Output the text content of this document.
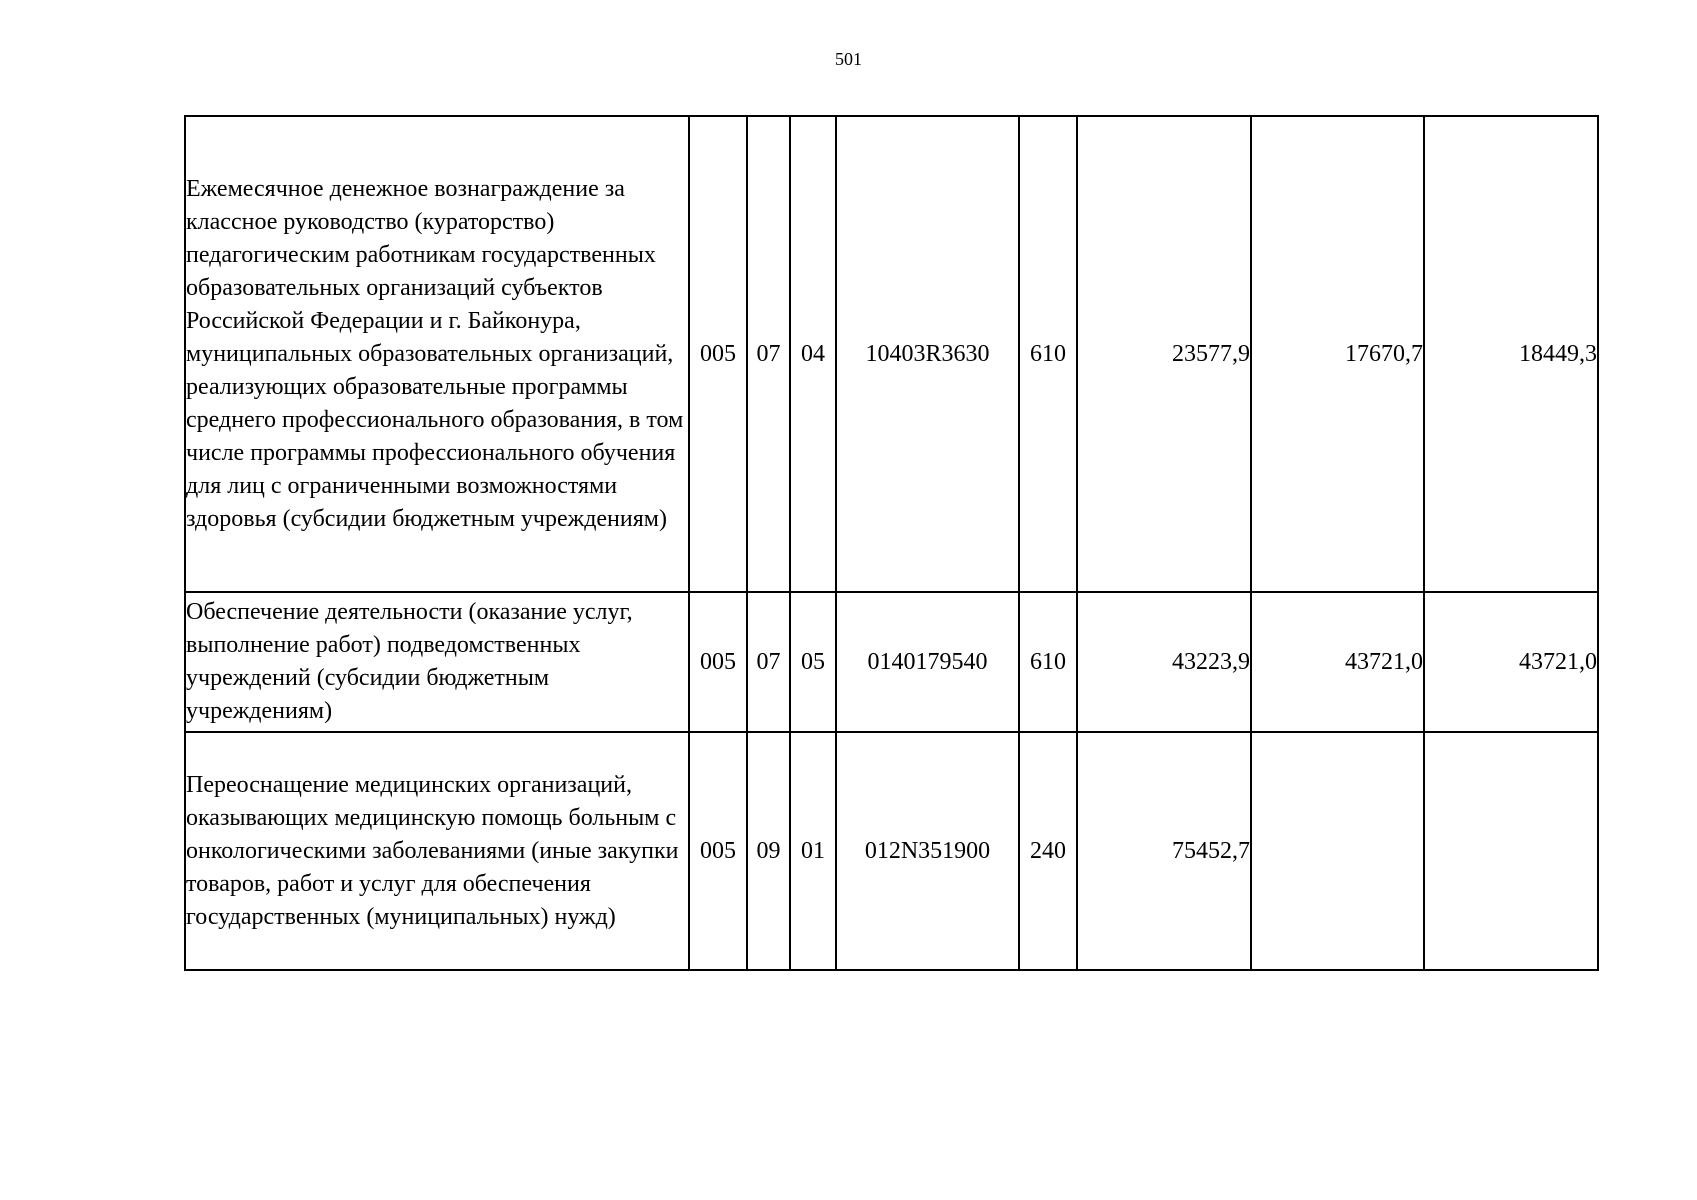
501
Ежемесячное денежное вознаграждение за классное руководство (кураторство) педагогическим работникам государственных образовательных организаций субъектов Российской Федерации и г. Байконура, муниципальных образовательных организаций, реализующих образовательные программы среднего профессионального образования, в том числе программы профессионального обучения для лиц с ограниченными возможностями здоровья (субсидии бюджетным учреждениям)	005	07	04	10403R3630	610	23577,9	17670,7	18449,3
Обеспечение деятельности (оказание услуг, выполнение работ) подведомственных учреждений (субсидии бюджетным учреждениям)	005	07	05	0140179540	610	43223,9	43721,0	43721,0
Переоснащение медицинских организаций, оказывающих медицинскую помощь больным с онкологическими заболеваниями (иные закупки товаров, работ и услуг для обеспечения государственных (муниципальных) нужд)	005	09	01	012N351900	240	75452,7		
